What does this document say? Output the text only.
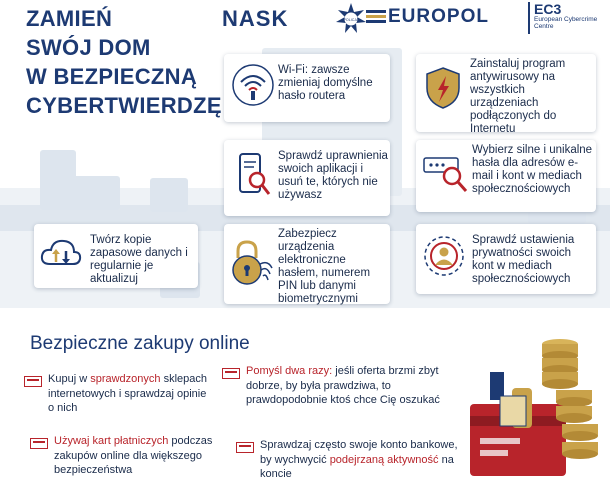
ZAMIEŃ
SWÓJ DOM
W BEZPIECZNĄ
CYBERTWIERDZĘ
NASK	POLICJA EUROPOL	EC3
European Cybercrime
Centre
Wi-Fi: zawsze zmieniaj domyślne hasło routera
Zainstaluj program antywirusowy na wszystkich urządzeniach podłączonych do Internetu
Sprawdź uprawnienia swoich aplikacji i usuń te, których nie używasz
Wybierz silne i unikalne hasła dla adresów e-mail i kont w mediach społecznościowych
Twórz kopie zapasowe danych i regularnie je aktualizuj
Zabezpiecz urządzenia elektroniczne hasłem, numerem PIN lub danymi biometrycznymi
Sprawdź ustawienia prywatności swoich kont w mediach społecznościowych
Bezpieczne zakupy online
Kupuj w sprawdzonych sklepach internetowych i sprawdzaj opinie o nich
Używaj kart płatniczych podczas zakupów online dla większego bezpieczeństwa
Pomyśl dwa razy: jeśli oferta brzmi zbyt dobrze, by była prawdziwa, to prawdopodobnie ktoś chce Cię oszukać
Sprawdzaj często swoje konto bankowe, by wychwycić podejrzaną aktywność na koncie
